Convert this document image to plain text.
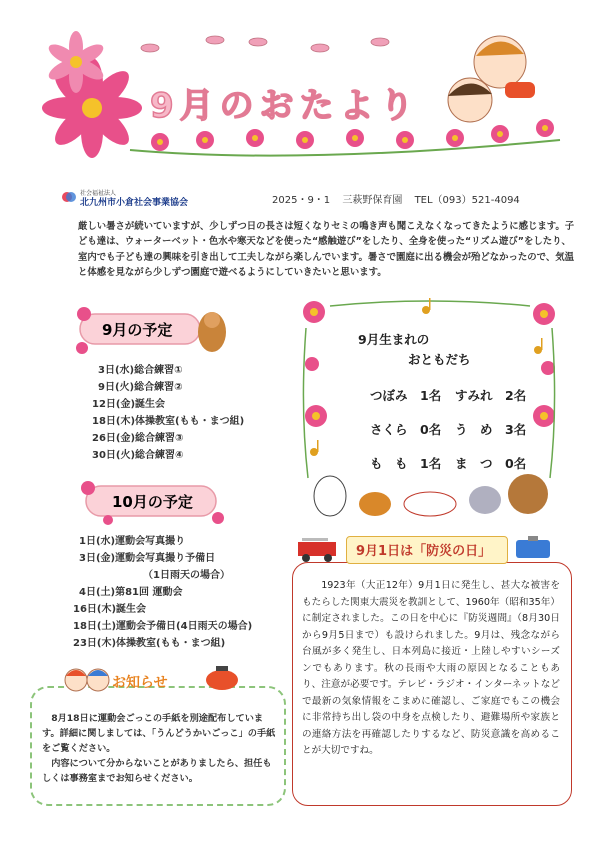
9月のおたより
社会福祉法人
北九州市小倉社会事業協会	2025・9・1 三萩野保育園 TEL（093）521-4094
厳しい暑さが続いていますが、少しずつ日の長さは短くなりセミの鳴き声も聞こえなくなってきたように感じます。子ども達は、ウォーターベット・色水や寒天などを使った“感触遊び”をしたり、全身を使った“リズム遊び”をしたり、室内でも子ども達の興味を引き出して工夫しながら楽しんでいます。暑さで園庭に出る機会が殆どなかったので、気温と体感を見ながら少しずつ園庭で遊べるようにしていきたいと思います。
9月の予定
3日(水)総合練習①
9日(火)総合練習②
12日(金)誕生会
18日(木)体操教室(もも・まつ組)
26日(金)総合練習③
30日(火)総合練習④
10月の予定
1日(水)運動会写真撮り
3日(金)運動会写真撮り予備日
（1日雨天の場合）
4日(土)第81回 運動会
16日(木)誕生会
18日(土)運動会予備日(4日雨天の場合)
23日(木)体操教室(もも・まつ組)
お知らせ
8月18日に運動会ごっこの手紙を別途配布しています。詳細に関しましては、「うんどうかいごっこ」の手紙をご覧ください。
内容について分からないことがありましたら、担任もしくは事務室までお知らせください。
9月生まれの
おともだち
つぼみ　1名 すみれ　2名
さくら　0名 う　め　3名
も　も　1名 ま　つ　0名
9月1日は「防災の日」
1923年（大正12年）9月1日に発生し、甚大な被害をもたらした関東大震災を教訓として、1960年（昭和35年）に制定されました。この日を中心に『防災週間』（8月30日から9月5日まで）も設けられました。9月は、残念ながら台風が多く発生し、日本列島に接近・上陸しやすいシーズンでもあります。秋の長雨や大雨の原因となることもあり、注意が必要です。テレビ・ラジオ・インターネットなどで最新の気象情報をこまめに確認し、ご家庭でもこの機会に非常持ち出し袋の中身を点検したり、避難場所や家族との連絡方法を再確認したりするなど、防災意識を高めることが大切ですね。
